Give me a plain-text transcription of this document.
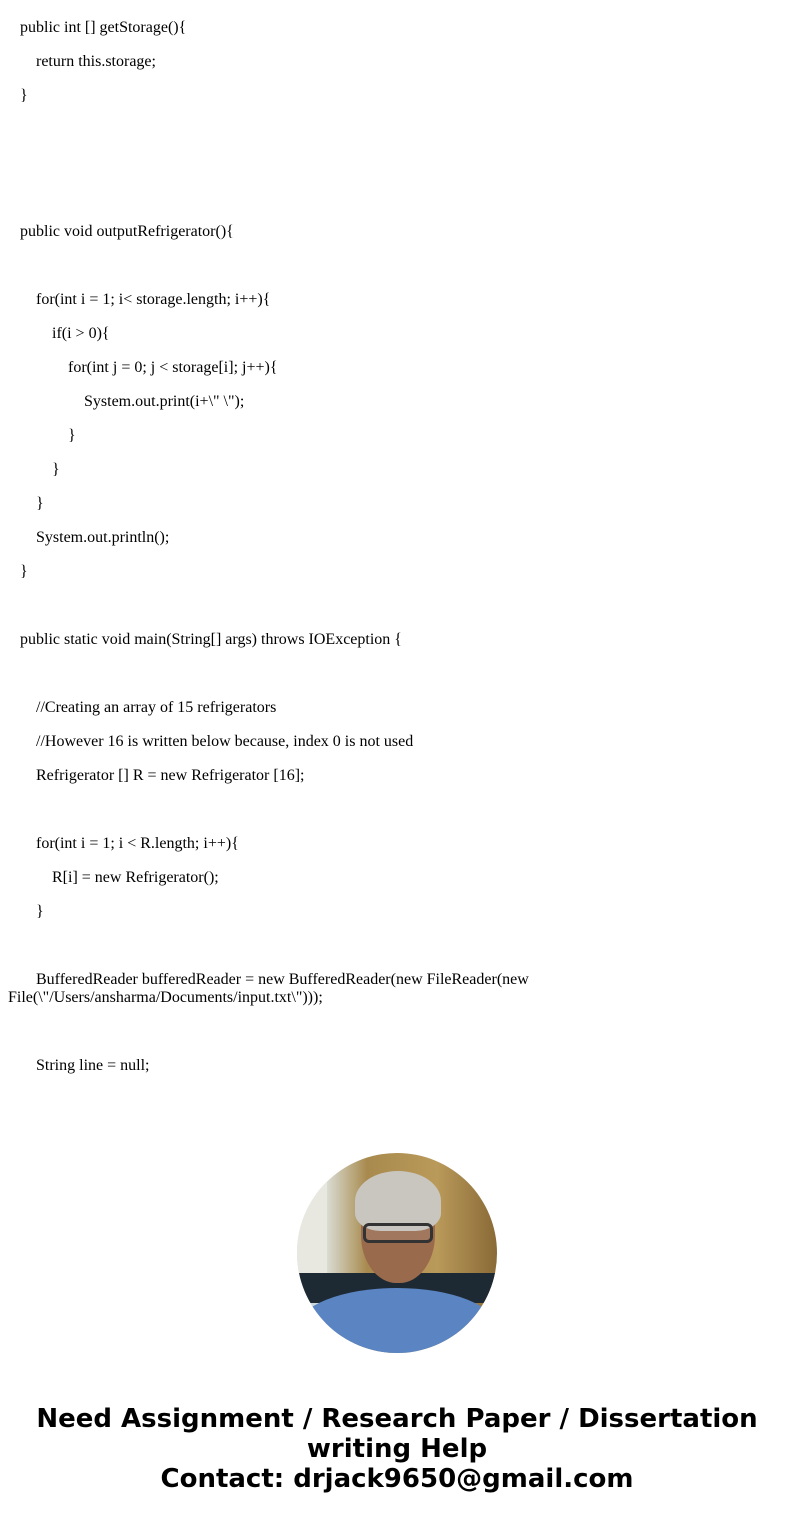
public int [] getStorage(){
return this.storage;
}
public void outputRefrigerator(){
for(int i = 1; i< storage.length; i++){
if(i > 0){
for(int j = 0; j < storage[i]; j++){
System.out.print(i+\" \");
}
}
}
System.out.println();
}
public static void main(String[] args) throws IOException {
//Creating an array of 15 refrigerators
//However 16 is written below because, index 0 is not used
Refrigerator [] R = new Refrigerator [16];
for(int i = 1; i < R.length; i++){
R[i] = new Refrigerator();
}
BufferedReader bufferedReader = new BufferedReader(new FileReader(new File(\"/Users/ansharma/Documents/input.txt\")));
String line = null;
Need Assignment / Research Paper / Dissertation
writing Help
Contact: drjack9650@gmail.com
